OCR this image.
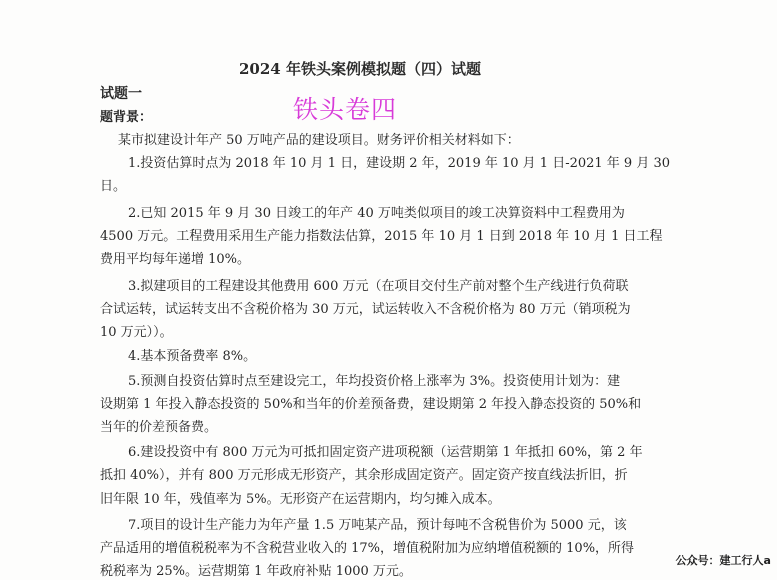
2024 年铁头案例模拟题（四）试题
试题一
题背景：	铁头卷四
某市拟建设计年产 50 万吨产品的建设项目。财务评价相关材料如下：
1.投资估算时点为 2018 年 10 月 1 日，建设期 2 年，2019 年 10 月 1 日-2021 年 9 月 30
日。
2.已知 2015 年 9 月 30 日竣工的年产 40 万吨类似项目的竣工决算资料中工程费用为
4500 万元。工程费用采用生产能力指数法估算，2015 年 10 月 1 日到 2018 年 10 月 1 日工程
费用平均每年递增 10%。
3.拟建项目的工程建设其他费用 600 万元（在项目交付生产前对整个生产线进行负荷联
合试运转，试运转支出不含税价格为 30 万元，试运转收入不含税价格为 80 万元（销项税为
10 万元））。
4.基本预备费率 8%。
5.预测自投资估算时点至建设完工，年均投资价格上涨率为 3%。投资使用计划为：建
设期第 1 年投入静态投资的 50%和当年的价差预备费，建设期第 2 年投入静态投资的 50%和
当年的价差预备费。
6.建设投资中有 800 万元为可抵扣固定资产进项税额（运营期第 1 年抵扣 60%，第 2 年
抵扣 40%），并有 800 万元形成无形资产，其余形成固定资产。固定资产按直线法折旧，折
旧年限 10 年，残值率为 5%。无形资产在运营期内，均匀摊入成本。
7.项目的设计生产能力为年产量 1.5 万吨某产品，预计每吨不含税售价为 5000 元，该
产品适用的增值税税率为不含税营业收入的 17%，增值税附加为应纳增值税额的 10%，所得
税税率为 25%。运营期第 1 年政府补贴 1000 万元。
公众号：建工行人a
